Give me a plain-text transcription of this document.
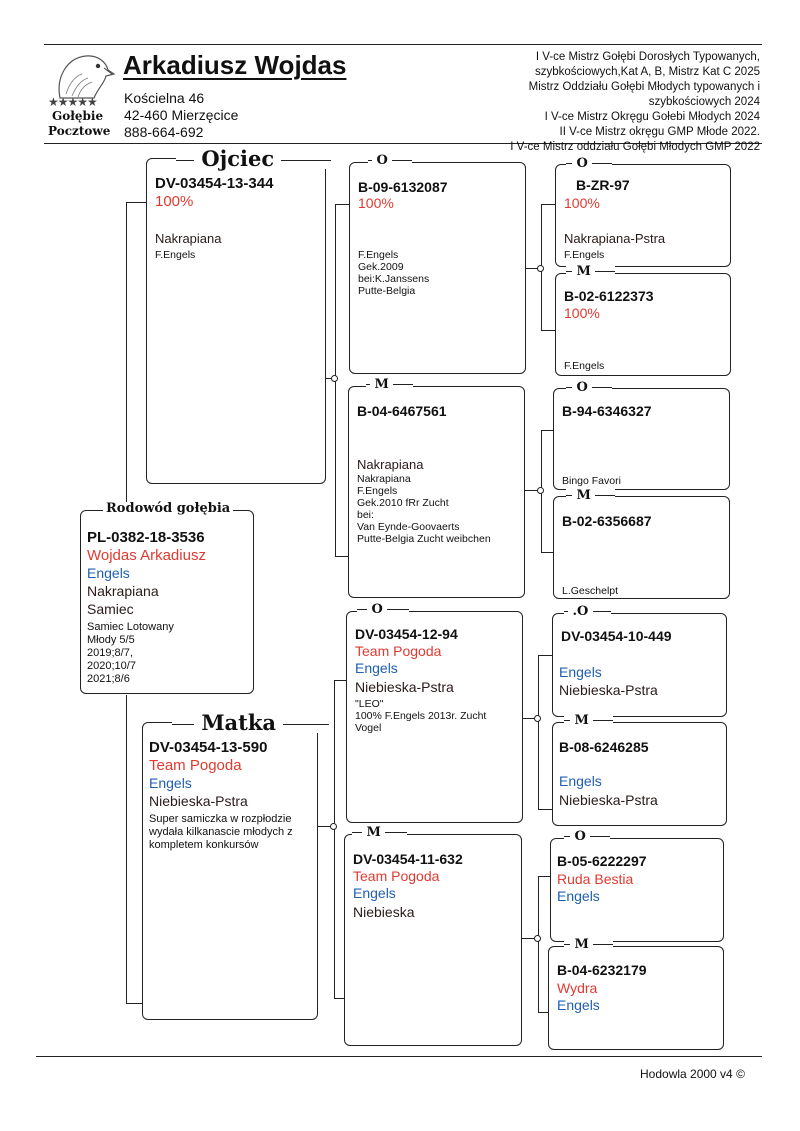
★★★★★
Gołębie
Pocztowe
Arkadiusz Wojdas
Kościelna 46
42-460 Mierzęcice
888-664-692
I V-ce Mistrz Gołębi Dorosłych Typowanych,
szybkościowych,Kat A, B, Mistrz Kat C 2025
Mistrz Oddziału Gołębi Młodych typowanych i
szybkościowych 2024
I V-ce Mistrz Okręgu Gołebi Młodych 2024
II V-ce Mistrz okręgu GMP Młode 2022.
I V-ce Mistrz oddziału Gołębi Młodych GMP 2022
PL-0382-18-3536
Wojdas Arkadiusz
Engels
Nakrapiana
Samiec
Samiec Lotowany
Młody 5/5
2019;8/7,
2020;10/7
2021;8/6
Rodowód gołębia
DV-03454-13-344
100%
Nakrapiana
F.Engels
Ojciec
DV-03454-13-590
Team Pogoda
Engels
Niebieska-Pstra
Super samiczka w rozpłodzie
wydała kilkanascie młodych z
kompletem konkursów
Matka
B-09-6132087
100%
F.Engels
Gek.2009
bei:K.Janssens
Putte-Belgia
O
B-04-6467561
Nakrapiana
Nakrapiana
F.Engels
Gek.2010 fRr Zucht
bei:
Van Eynde-Goovaerts
Putte-Belgia Zucht weibchen
M
DV-03454-12-94
Team Pogoda
Engels
Niebieska-Pstra
"LEO"
100% F.Engels 2013r. Zucht
Vogel
O
DV-03454-11-632
Team Pogoda
Engels
Niebieska
M
B-ZR-97
100%
Nakrapiana-Pstra
F.Engels
O
B-02-6122373
100%
F.Engels
M
B-94-6346327
Bingo Favori
O
B-02-6356687
L.Geschelpt
M
DV-03454-10-449
Engels
Niebieska-Pstra
.O
B-08-6246285
Engels
Niebieska-Pstra
M
B-05-6222297
Ruda Bestia
Engels
O
B-04-6232179
Wydra
Engels
M
Hodowla 2000 v4 ©
